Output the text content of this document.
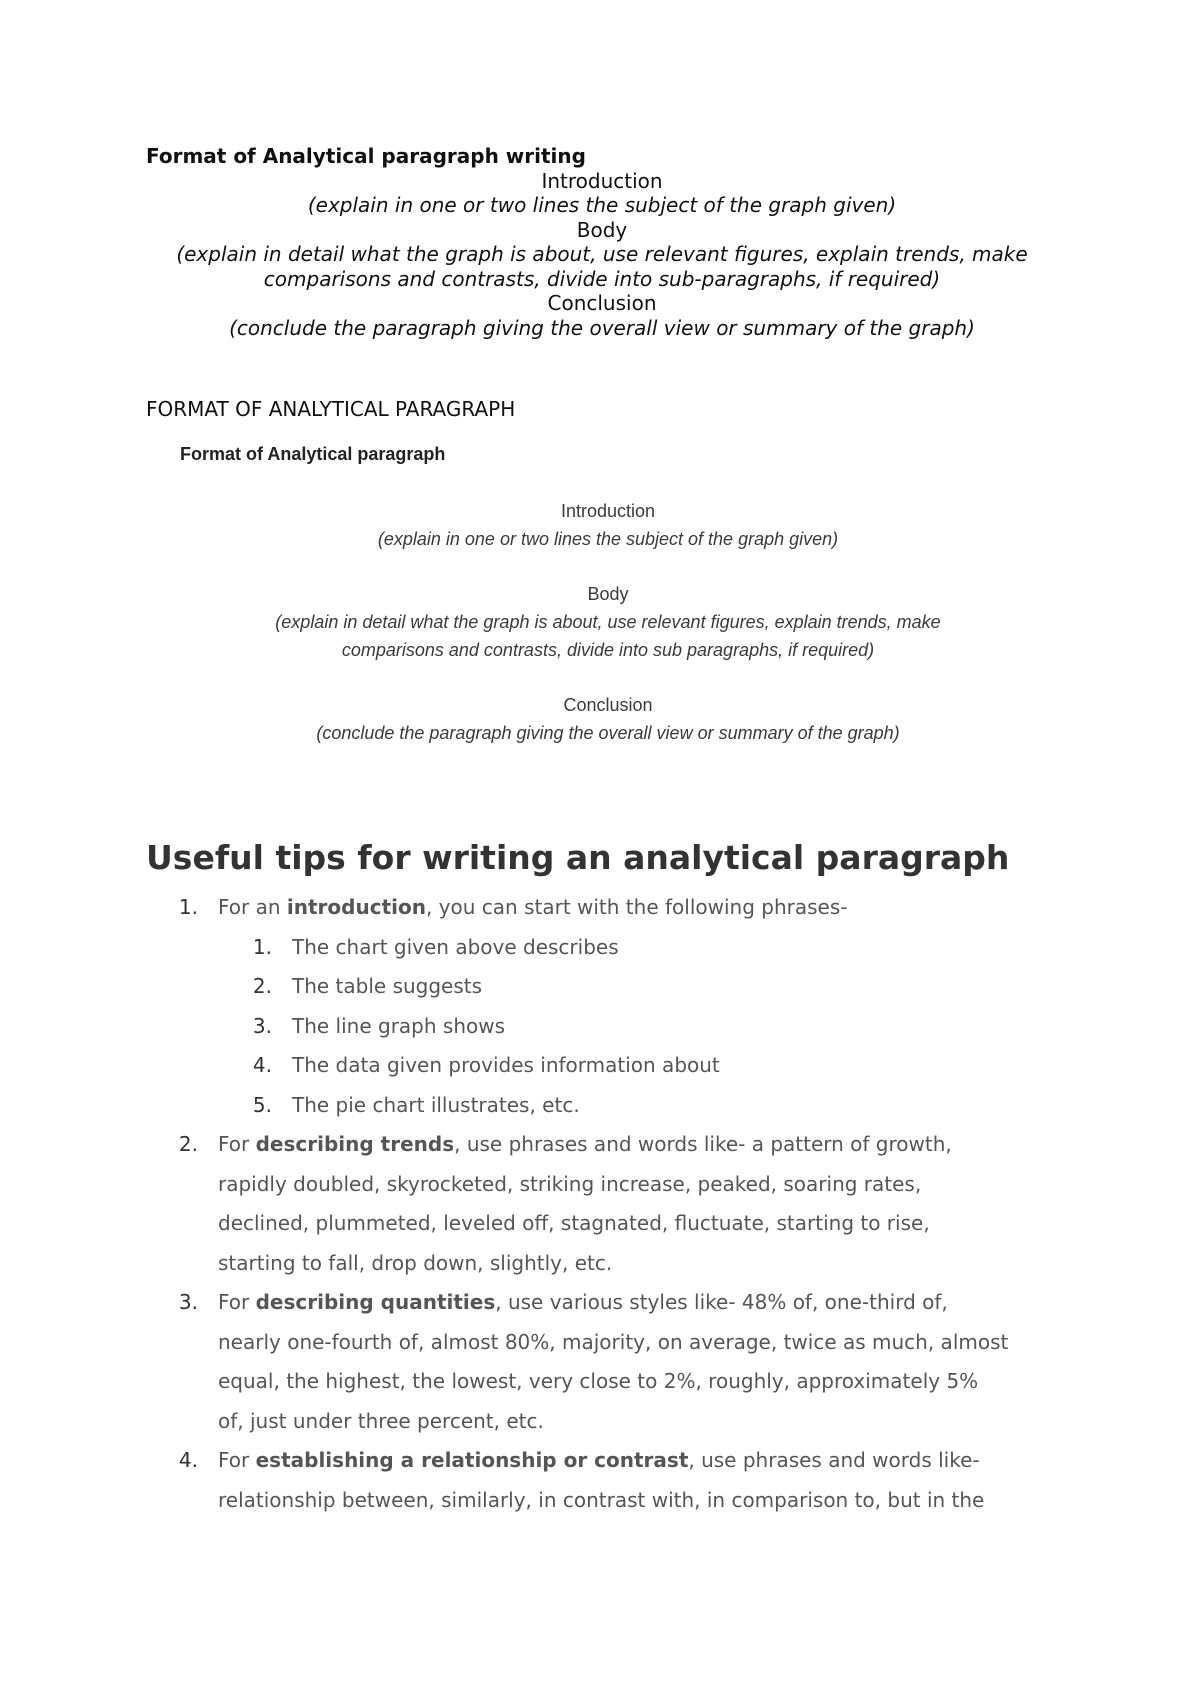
Format of Analytical paragraph writing
Introduction
(explain in one or two lines the subject of the graph given)
Body
(explain in detail what the graph is about, use relevant figures, explain trends, make
comparisons and contrasts, divide into sub-paragraphs, if required)
Conclusion
(conclude the paragraph giving the overall view or summary of the graph)
FORMAT OF ANALYTICAL PARAGRAPH
Format of Analytical paragraph
Introduction
(explain in one or two lines the subject of the graph given)
Body
(explain in detail what the graph is about, use relevant figures, explain trends, make
comparisons and contrasts, divide into sub paragraphs, if required)
Conclusion
(conclude the paragraph giving the overall view or summary of the graph)
Useful tips for writing an analytical paragraph
1. For an introduction, you can start with the following phrases-
1. The chart given above describes
2. The table suggests
3. The line graph shows
4. The data given provides information about
5. The pie chart illustrates, etc.
2. For describing trends, use phrases and words like- a pattern of growth,
rapidly doubled, skyrocketed, striking increase, peaked, soaring rates,
declined, plummeted, leveled off, stagnated, fluctuate, starting to rise,
starting to fall, drop down, slightly, etc.
3. For describing quantities, use various styles like- 48% of, one-third of,
nearly one-fourth of, almost 80%, majority, on average, twice as much, almost
equal, the highest, the lowest, very close to 2%, roughly, approximately 5%
of, just under three percent, etc.
4. For establishing a relationship or contrast, use phrases and words like-
relationship between, similarly, in contrast with, in comparison to, but in the
